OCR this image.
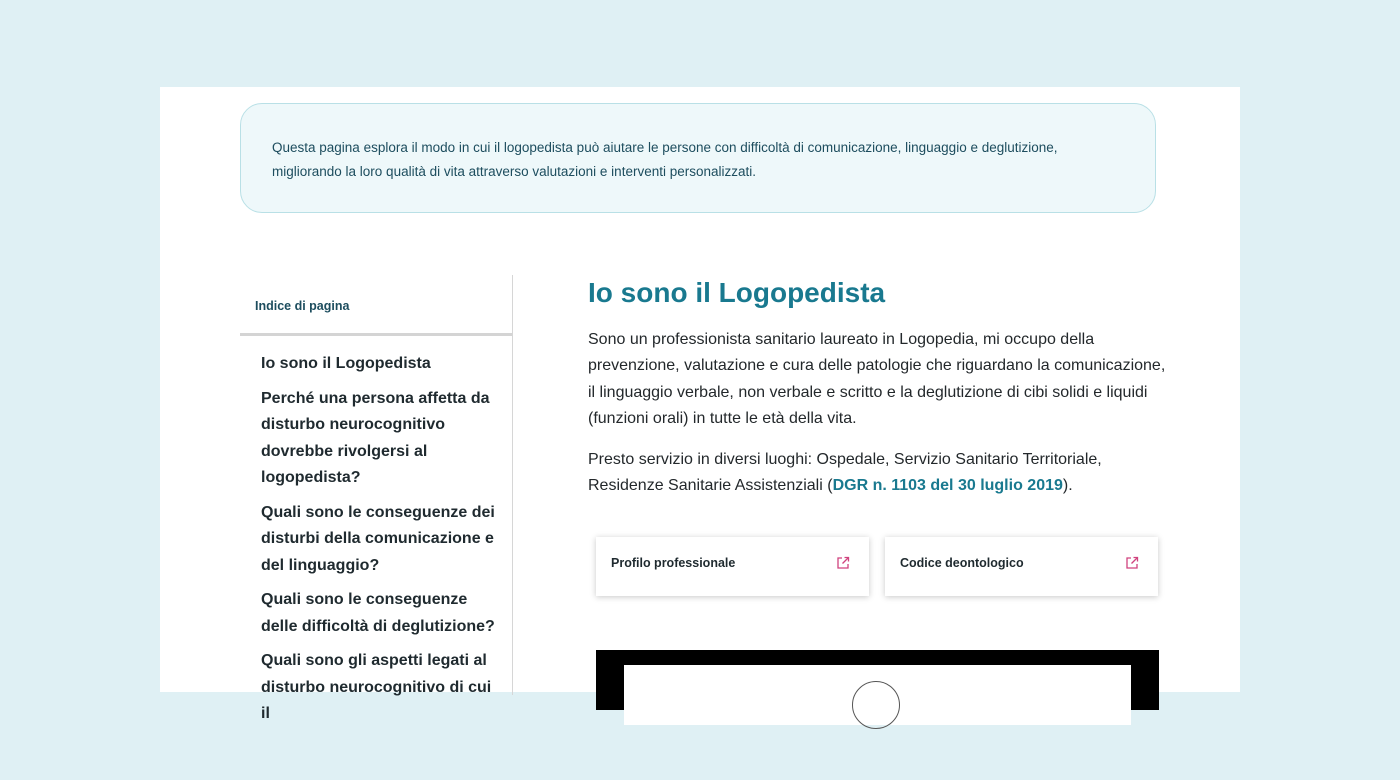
Questa pagina esplora il modo in cui il logopedista può aiutare le persone con difficoltà di comunicazione, linguaggio e deglutizione,
migliorando la loro qualità di vita attraverso valutazioni e interventi personalizzati.
Indice di pagina
Io sono il Logopedista
Perché una persona affetta da disturbo neurocognitivo dovrebbe rivolgersi al logopedista?
Quali sono le conseguenze dei disturbi della comunicazione e del linguaggio?
Quali sono le conseguenze delle difficoltà di deglutizione?
Quali sono gli aspetti legati al disturbo neurocognitivo di cui il
Io sono il Logopedista

Sono un professionista sanitario laureato in Logopedia, mi occupo della prevenzione, valutazione e cura delle patologie che riguardano la comunicazione, il linguaggio verbale, non verbale e scritto e la deglutizione di cibi solidi e liquidi (funzioni orali) in tutte le età della vita.

Presto servizio in diversi luoghi: Ospedale, Servizio Sanitario Territoriale, Residenze Sanitarie Assistenziali (DGR n. 1103 del 30 luglio 2019).

Profilo professionale	Codice deontologico
